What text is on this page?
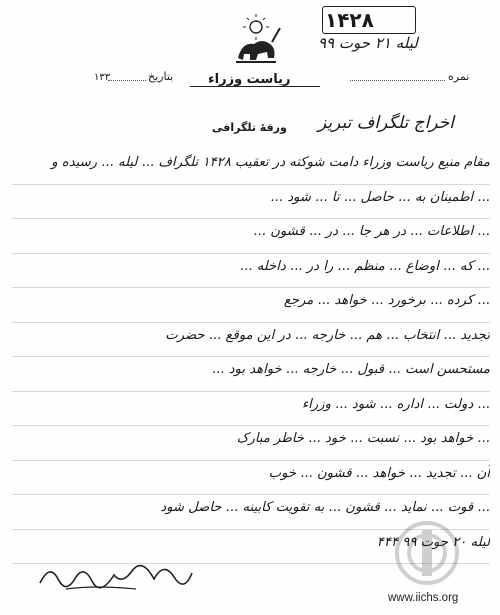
۱۴۲۸
لیله ۲۱ حوت ۹۹
نمره
ریاست وزراء
بتاریخ
۱۳۳
ورقهٔ تلگرافی اخراج تلگراف تبریز
مقام منیع ریاست وزراء دامت شوکته در تعقیب ۱۴۲۸ تلگراف ... لیله ... رسیده و
... اطمینان به ... حاصل ... تا ... شود ...
... اطلاعات ... در هر جا ... در ... قشون ...
... که ... اوضاع ... منظم ... را در ... داخله ...
... کرده ... برخورد ... خواهد ... مرجع
تجدید ... انتخاب ... هم ... خارجه ... در این موقع ... حضرت
مستحسن است ... قبول ... خارجه ... خواهد بود ...
... دولت ... اداره ... شود ... وزراء
... خواهد بود ... نسبت ... خود ... خاطر مبارک
آن ... تجدید ... خواهد ... قشون ... خوب
... قوت ... نماید ... قشون ... به تقویت کابینه ... حاصل شود
لیله ۲۰ حوت ۹۹ ۴۴۴
www.iichs.org
